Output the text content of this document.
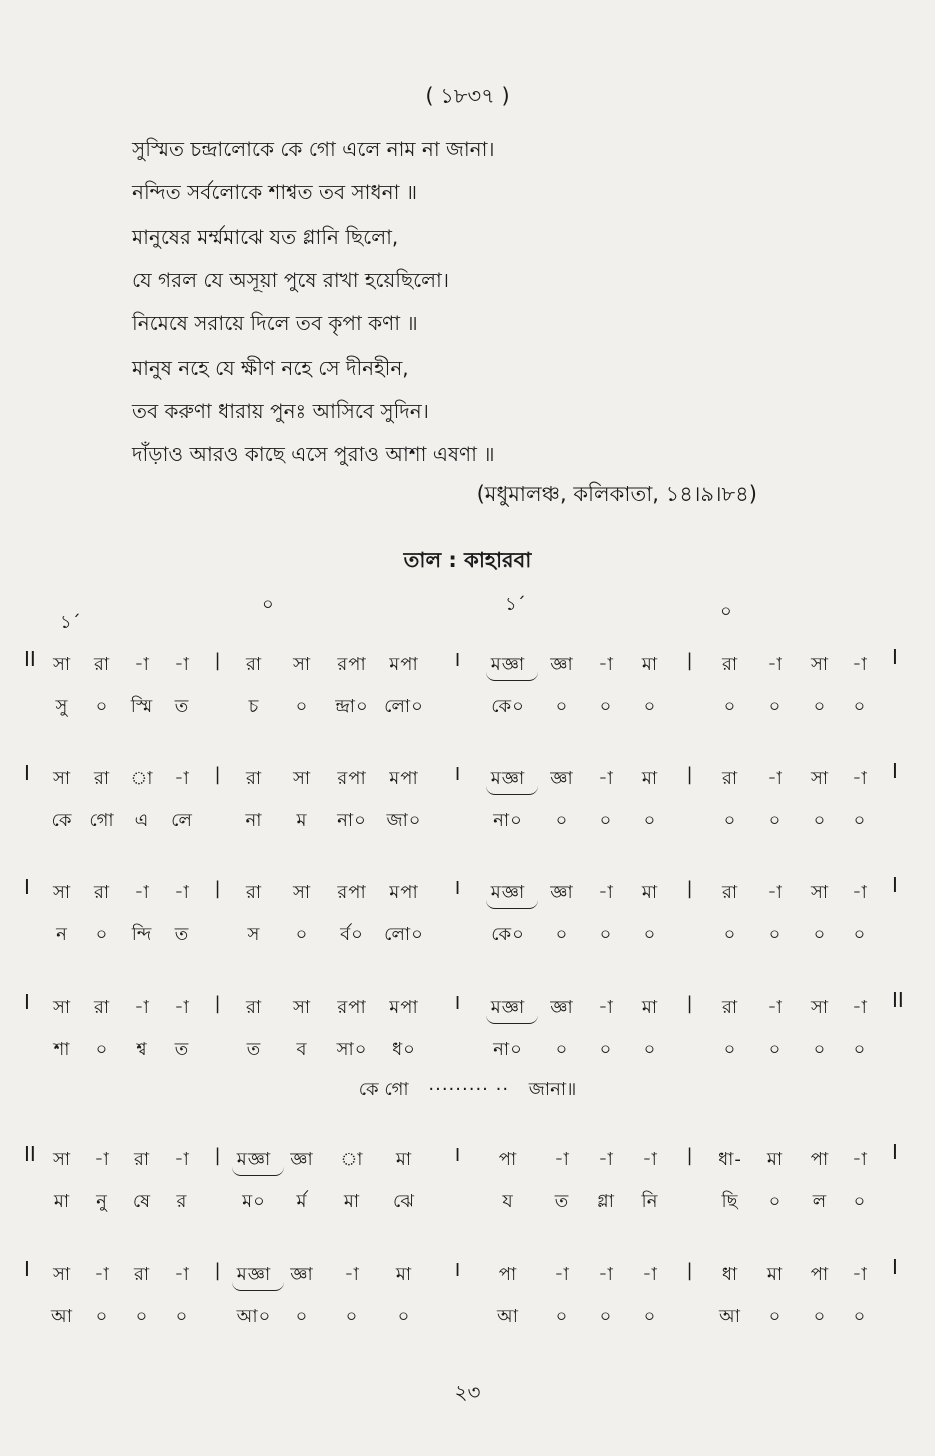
( ১৮৩৭ )
সুস্মিত চন্দ্রালোকে কে গো এলে নাম না জানা।
নন্দিত সর্বলোকে শাশ্বত তব সাধনা ॥
মানুষের মর্ম্মমাঝে যত গ্লানি ছিলো,
যে গরল যে অসূয়া পুষে রাখা হয়েছিলো।
নিমেষে সরায়ে দিলে তব কৃপা কণা ॥
মানুষ নহে যে ক্ষীণ নহে সে দীনহীন,
তব করুণা ধারায় পুনঃ আসিবে সুদিন।
দাঁড়াও আরও কাছে এসে পুরাও আশা এষণা ॥
(মধুমালঞ্চ, কলিকাতা, ১৪।৯।৮৪)
তাল : কাহারবা
১´
০	১´	০
II	I
সা	রা	-া	-া	|	রা	সা	রপা মপা	I	মজ্ঞা	জ্ঞা	-া	মা	|	রা	-া	সা	-া
সু	০	স্মি	ত	চ	০	ন্দ্রা০ লো০	কে০	০	০	০	০	০	০	০
I	I
সা	রা	া	-া	|	রা	সা	রপা মপা	I	মজ্ঞা	জ্ঞা	-া	মা	|	রা	-া	সা	-া
কে গো	এ	লে	না	ম	না০ জা০	না০	০	০	০	০	০	০	০
I	I
সা	রা	-া	-া	|	রা	সা	রপা মপা	I	মজ্ঞা	জ্ঞা	-া	মা	|	রা	-া	সা	-া
ন	০	ন্দি	ত	স	০	র্ব০	লো০	কে০	০	০	০	০	০	০	০
I	II
সা	রা	-া	-া	|	রা	সা	রপা মপা	I	মজ্ঞা	জ্ঞা	-া	মা	|	রা	-া	সা	-া
শা	০	শ্ব	ত	ত	ব	সা০	ধ০	না০	০	০	০	০	০	০	০
II	I
সা	-া	রা	-া	| মজ্ঞা	জ্ঞা	া	মা	I	পা	-া	-া	-া	|	ধা-	মা	পা	-া
মা	নু	ষে	র	ম০	র্ম	মা	ঝে	য	ত	গ্লা	নি	ছি	০	ল	০
I	I
সা	-া	রা	-া	| মজ্ঞা	জ্ঞা	-া	মা	I	পা	-া	-া	-া	|	ধা	মা	পা	-া
আ	০	০	০	আ০	০	০	০	আ	০	০	০	আ	০	০	০
কে গো ········· ·· জানা॥
২৩
